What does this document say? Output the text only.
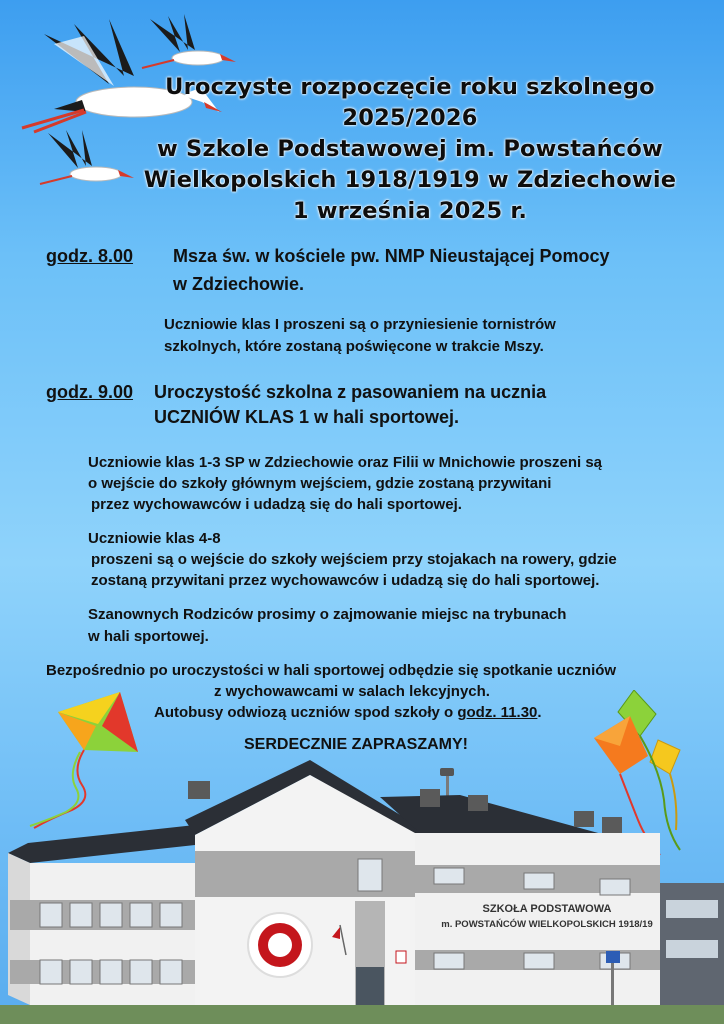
Uroczyste rozpoczęcie roku szkolnego
2025/2026
w Szkole Podstawowej im. Powstańców
Wielkopolskich 1918/1919 w Zdziechowie
1 września 2025 r.
godz. 8.00 Msza św. w kościele pw. NMP Nieustającej Pomocy
w Zdziechowie.
Uczniowie klas I proszeni są o przyniesienie tornistrów
szkolnych, które zostaną poświęcone w trakcie Mszy.
godz. 9.00 Uroczystość szkolna z pasowaniem na ucznia
UCZNIÓW KLAS 1 w hali sportowej.
Uczniowie klas 1-3 SP w Zdziechowie oraz Filii w Mnichowie proszeni są
o wejście do szkoły głównym wejściem, gdzie zostaną przywitani
przez wychowawców i udadzą się do hali sportowej.
Uczniowie klas 4-8
proszeni są o wejście do szkoły wejściem przy stojakach na rowery, gdzie
zostaną przywitani przez wychowawców i udadzą się do hali sportowej.
Szanownych Rodziców prosimy o zajmowanie miejsc na trybunach
w hali sportowej.
Bezpośrednio po uroczystości w hali sportowej odbędzie się spotkanie uczniów
z wychowawcami w salach lekcyjnych.
Autobusy odwiozą uczniów spod szkoły o godz. 11.30.
SERDECZNIE ZAPRASZAMY!
SZKOŁA PODSTAWOWA
m. POWSTAŃCÓW WIELKOPOLSKICH 1918/19
